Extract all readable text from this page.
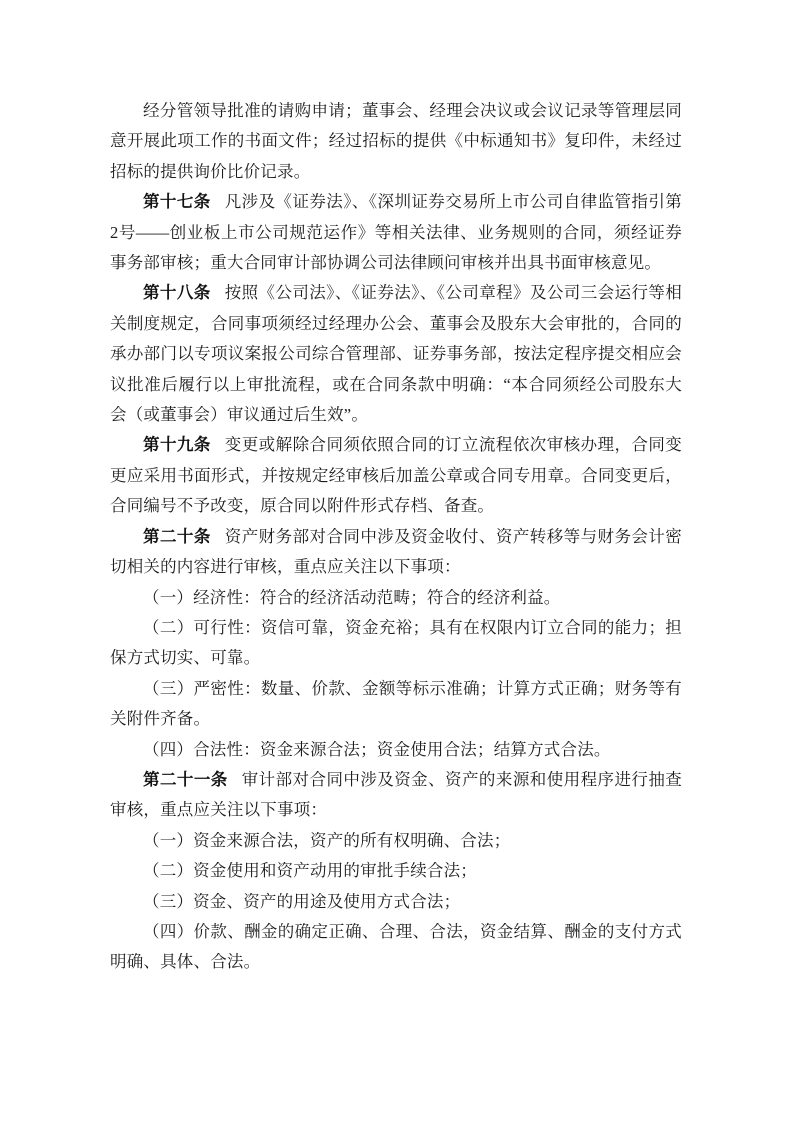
经分管领导批准的请购申请；董事会、经理会决议或会议记录等管理层同意开展此项工作的书面文件；经过招标的提供《中标通知书》复印件，未经过招标的提供询价比价记录。

第十七条 凡涉及《证券法》、《深圳证券交易所上市公司自律监管指引第2号——创业板上市公司规范运作》等相关法律、业务规则的合同，须经证券事务部审核；重大合同审计部协调公司法律顾问审核并出具书面审核意见。

第十八条 按照《公司法》、《证券法》、《公司章程》及公司三会运行等相关制度规定，合同事项须经过经理办公会、董事会及股东大会审批的，合同的承办部门以专项议案报公司综合管理部、证券事务部，按法定程序提交相应会议批准后履行以上审批流程，或在合同条款中明确：“本合同须经公司股东大会（或董事会）审议通过后生效”。

第十九条 变更或解除合同须依照合同的订立流程依次审核办理，合同变更应采用书面形式，并按规定经审核后加盖公章或合同专用章。合同变更后，合同编号不予改变，原合同以附件形式存档、备查。

第二十条 资产财务部对合同中涉及资金收付、资产转移等与财务会计密切相关的内容进行审核，重点应关注以下事项：

（一）经济性：符合的经济活动范畴；符合的经济利益。

（二）可行性：资信可靠，资金充裕；具有在权限内订立合同的能力；担保方式切实、可靠。

（三）严密性：数量、价款、金额等标示准确；计算方式正确；财务等有关附件齐备。

（四）合法性：资金来源合法；资金使用合法；结算方式合法。

第二十一条 审计部对合同中涉及资金、资产的来源和使用程序进行抽查审核，重点应关注以下事项：

（一）资金来源合法，资产的所有权明确、合法；

（二）资金使用和资产动用的审批手续合法；

（三）资金、资产的用途及使用方式合法；

（四）价款、酬金的确定正确、合理、合法，资金结算、酬金的支付方式明确、具体、合法。
